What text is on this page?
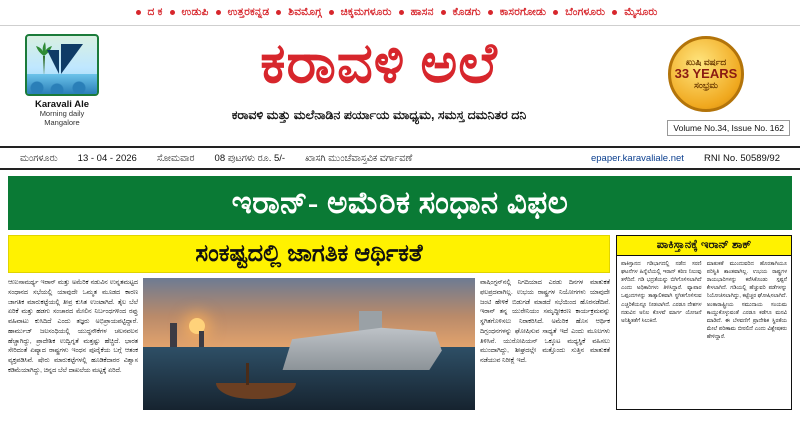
ದ ಕ	ಉಡುಪಿ	ಉತ್ತರಕನ್ನಡ	ಶಿವಮೊಗ್ಗ	ಚಿಕ್ಕಮಗಳೂರು	ಹಾಸನ	ಕೊಡಗು	ಕಾಸರಗೋಡು	ಬೆಂಗಳೂರು	ಮೈಸೂರು
Karavali Ale
Morning daily
Mangalore
ಕರಾವಳಿ ಅಲೆ
ಕರಾವಳಿ ಮತ್ತು ಮಲೆನಾಡಿನ ಪರ್ಯಾಯ ಮಾಧ್ಯಮ, ಸಮಸ್ತ ದಮನಿತರ ದನಿ
ಖುಷಿ ವರ್ಷದ
33 YEARS
ಸಂಭ್ರಮ
Volume No.34, Issue No. 162
ಮಂಗಳೂರು	13 - 04 - 2026	ಸೋಮವಾರ	08 ಪುಟಗಳು ರೂ. 5/-	ಖಾಸಗಿ ಮುಂಚೆವಾಸ್ತವಿಕ ವರ್ಗಾವಣೆ	epaper.karavaliale.net	RNI No. 50589/92
ಇರಾನ್- ಅಮೆರಿಕ ಸಂಧಾನ ವಿಫಲ
ಸಂಕಷ್ಟದಲ್ಲಿ ಜಾಗತಿಕ ಆರ್ಥಿಕತೆ
ಆಣುಸಾಮರ್ಥ್ಯ ಇರಾನ್ ಮತ್ತು ಅಮೆರಿಕ ನಡುವಿನ ಉನ್ನತಮಟ್ಟದ ಸಂಧಾನದ ಸಭೆಯಲ್ಲಿ ಯಾವುದೇ ಒಮ್ಮತ ಮೂಡದ ಕಾರಣ ಜಾಗತಿಕ ಮಾರುಕಟ್ಟೆಯಲ್ಲಿ ತೀವ್ರ ಕುಸಿತ ಉಂಟಾಗಿದೆ. ತೈಲ ಬೆಲೆ ಏರಿಕೆ ಮತ್ತು ಹಡಗು ಸಂಚಾರದ ಮೇಲಿನ ನಿರ್ಬಂಧಗಳಿಂದ ರಫ್ತು ವಹಿವಾಟು ಕುಸಿದಿದೆ ಎಂದು ತಜ್ಞರು ಅಭಿಪ್ರಾಯಪಟ್ಟಿದ್ದಾರೆ. ಹಾರ್ಮುಜ್ ಜಲಸಂಧಿಯಲ್ಲಿ ಯುದ್ಧನೌಕೆಗಳ ಚಲನವಲನ ಹೆಚ್ಚಾಗಿದ್ದು, ಪ್ರಾದೇಶಿಕ ಉದ್ವಿಗ್ನತೆ ಮತ್ತಷ್ಟು ಹೆಚ್ಚಿದೆ. ಭಾರತ ಸೇರಿದಂತೆ ಏಷ್ಯಾದ ರಾಷ್ಟ್ರಗಳು ಇಂಧನ ಪೂರೈಕೆಯ ಬಗ್ಗೆ ಆತಂಕ ವ್ಯಕ್ತಪಡಿಸಿವೆ. ಷೇರು ಮಾರುಕಟ್ಟೆಗಳಲ್ಲಿ ಹೂಡಿಕೆದಾರರ ವಿಶ್ವಾಸ ಕಡಿಮೆಯಾಗಿದ್ದು, ಚಿನ್ನದ ಬೆಲೆ ದಾಖಲೆಯ ಮಟ್ಟಕ್ಕೆ ಏರಿದೆ.
ವಾಷಿಂಗ್ಟನ್‌ನಲ್ಲಿ ನಿಗದಿಯಾದ ಎರಡು ದಿನಗಳ ಮಾತುಕತೆ ಫಲಪ್ರದವಾಗಿಲ್ಲ. ಉಭಯ ರಾಷ್ಟ್ರಗಳ ನಿಯೋಗಗಳು ಯಾವುದೇ ಜಂಟಿ ಹೇಳಿಕೆ ಬಿಡುಗಡೆ ಮಾಡದೆ ಸಭೆಯಿಂದ ಹೊರನಡೆದಿವೆ. ಇರಾನ್ ತನ್ನ ಯುರೇನಿಯಂ ಸಮೃದ್ಧೀಕರಣ ಕಾರ್ಯಕ್ರಮವನ್ನು ಸ್ಥಗಿತಗೊಳಿಸಲು ನಿರಾಕರಿಸಿದೆ. ಅಮೆರಿಕ ಹೊಸ ಆರ್ಥಿಕ ದಿಗ್ಬಂಧನಗಳನ್ನು ಘೋಷಿಸುವ ಸಾಧ್ಯತೆ ಇದೆ ಎಂದು ಮೂಲಗಳು ತಿಳಿಸಿವೆ. ಯುರೋಪಿಯನ್ ಒಕ್ಕೂಟ ಮಧ್ಯಸ್ಥಿಕೆ ವಹಿಸಲು ಮುಂದಾಗಿದ್ದು, ಶೀಘ್ರದಲ್ಲೇ ಮತ್ತೊಂದು ಸುತ್ತಿನ ಮಾತುಕತೆ ನಡೆಯುವ ನಿರೀಕ್ಷೆ ಇದೆ.
ಪಾಕಿಸ್ತಾನಕ್ಕೆ ಇರಾನ್ ಶಾಕ್
ಪಾಕಿಸ್ತಾನದ ಗಡಿಭಾಗದಲ್ಲಿ ನಡೆದ ಸರಣಿ ಘಟನೆಗಳ ಹಿನ್ನೆಲೆಯಲ್ಲಿ ಇರಾನ್ ಕಠಿಣ ನಿಲುವು ತಳೆದಿದೆ. ಗಡಿ ಭದ್ರತೆಯನ್ನು ಬಿಗಿಗೊಳಿಸಲಾಗಿದೆ ಎಂದು ಅಧಿಕಾರಿಗಳು ತಿಳಿಸಿದ್ದಾರೆ. ವ್ಯಾಪಾರ ಒಪ್ಪಂದಗಳನ್ನು ತಾತ್ಕಾಲಿಕವಾಗಿ ಸ್ಥಗಿತಗೊಳಿಸುವ ಎಚ್ಚರಿಕೆಯನ್ನೂ ನೀಡಲಾಗಿದೆ. ಎರಡೂ ದೇಶಗಳ ನಡುವಿನ ಅನಿಲ ಕೊಳವೆ ಮಾರ್ಗ ಯೋಜನೆ ಅನಿಶ್ಚಿತತೆಗೆ ಸಿಲುಕಿದೆ.
ಮಾತುಕತೆ ಮುಂದುವರಿದ ಹೊರತಾಗಿಯೂ ಪರಿಸ್ಥಿತಿ ಶಾಂತವಾಗಿಲ್ಲ. ಉಭಯ ರಾಷ್ಟ್ರಗಳ ರಾಯಭಾರಿಗಳನ್ನು ಕರೆಸಿಕೊಂಡು ಸ್ಪಷ್ಟನೆ ಕೇಳಲಾಗಿದೆ. ಗಡಿಯಲ್ಲಿ ಹೆಚ್ಚುವರಿ ಪಡೆಗಳನ್ನು ನಿಯೋಜಿಸಲಾಗಿದ್ದು, ಕಟ್ಟೆಚ್ಚರ ಘೋಷಿಸಲಾಗಿದೆ. ಅಂತಾರಾಷ್ಟ್ರೀಯ ಸಮುದಾಯ ಸಂಯಮ ಕಾಯ್ದುಕೊಳ್ಳುವಂತೆ ಎರಡೂ ಕಡೆಗೂ ಮನವಿ ಮಾಡಿದೆ. ಈ ಬೆಳವಣಿಗೆ ಪ್ರಾದೇಶಿಕ ಸ್ಥಿರತೆಯ ಮೇಲೆ ಪರಿಣಾಮ ಬೀರಲಿದೆ ಎಂದು ವಿಶ್ಲೇಷಕರು ಹೇಳಿದ್ದಾರೆ.
